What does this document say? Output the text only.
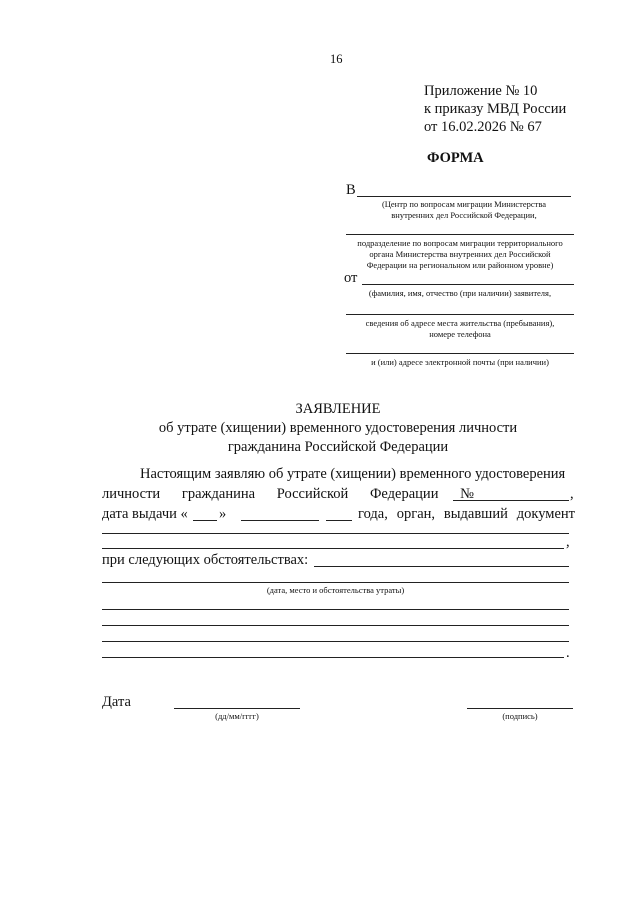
16
Приложение № 10
к приказу МВД России
от 16.02.2026 № 67
ФОРМА
В
(Центр по вопросам миграции Министерства
внутренних дел Российской Федерации,
подразделение по вопросам миграции территориального
органа Министерства внутренних дел Российской
Федерации на региональном или районном уровне)
от
(фамилия, имя, отчество (при наличии) заявителя,
сведения об адресе места жительства (пребывания),
номере телефона
и (или) адресе электронной почты (при наличии)
ЗАЯВЛЕНИЕ
об утрате (хищении) временного удостоверения личности
гражданина Российской Федерации
Настоящим заявляю об утрате (хищении) временного удостоверения
личности гражданина Российской Федерации №	,
дата выдачи « »	года, орган, выдавший документ
,
при следующих обстоятельствах:
(дата, место и обстоятельства утраты)
.
Дата
(дд/мм/гггг)	(подпись)
